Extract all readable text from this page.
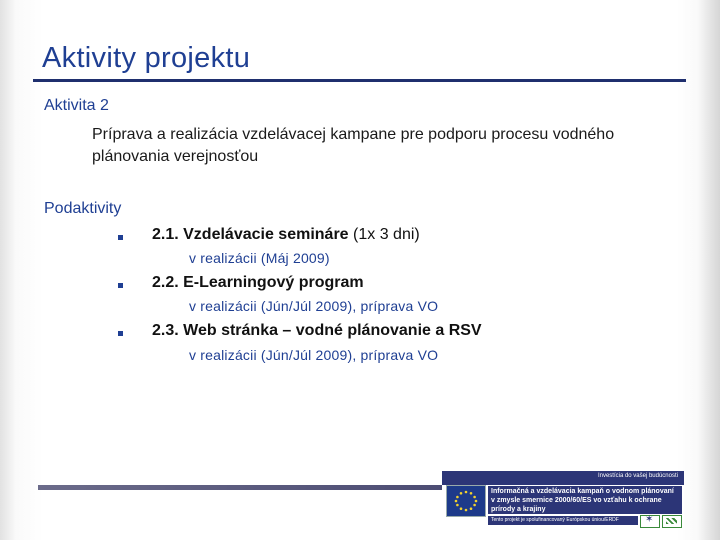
Aktivity projektu
Aktivita 2
Príprava a realizácia vzdelávacej kampane pre podporu procesu vodného plánovania verejnosťou
Podaktivity
2.1. Vzdelávacie semináre (1x 3 dni)
v realizácii (Máj 2009)
2.2. E-Learningový program
v realizácii (Jún/Júl 2009), príprava VO
2.3. Web stránka – vodné plánovanie a RSV
v realizácii (Jún/Júl 2009), príprava VO
Investícia do vašej budúcnosti
Informačná a vzdelávacia kampaň o vodnom plánovaní v zmysle smernice 2000/60/ES vo vzťahu k ochrane prírody a krajiny
Tento projekt je spolufinancovaný Európskou úniou/ERDF
✶
